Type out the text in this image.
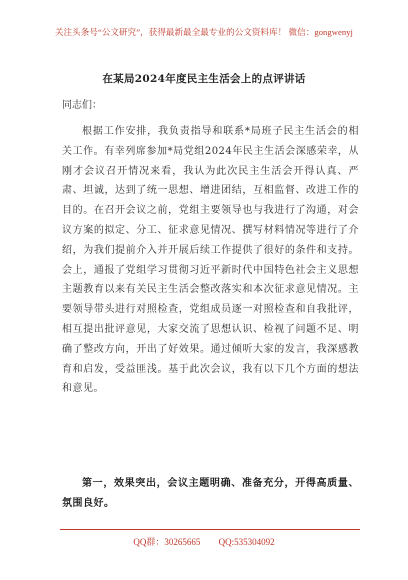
关注头条号“公文研究”，获得最新最全最专业的公文资料库！ 微信：gongwenyj
在某局2024年度民主生活会上的点评讲话
同志们：

根据工作安排，我负责指导和联系*局班子民主生活会的相关工作。有幸列席参加*局党组2024年民主生活会深感荣幸，从刚才会议召开情况来看，我认为此次民主生活会开得认真、严肃、坦诚，达到了统一思想、增进团结，互相监督、改进工作的目的。在召开会议之前，党组主要领导也与我进行了沟通，对会议方案的拟定、分工、征求意见情况、撰写材料情况等进行了介绍，为我们提前介入并开展后续工作提供了很好的条件和支持。会上，通报了党组学习贯彻习近平新时代中国特色社会主义思想主题教育以来有关民主生活会整改落实和本次征求意见情况。主要领导带头进行对照检查，党组成员逐一对照检查和自我批评，相互提出批评意见，大家交流了思想认识、检视了问题不足、明确了整改方向，开出了好效果。通过倾听大家的发言，我深感教育和启发，受益匪浅。基于此次会议，我有以下几个方面的想法和意见。

第一，效果突出，会议主题明确、准备充分，开得高质量、氛围良好。

QQ群：30265665 QQ:535304092
